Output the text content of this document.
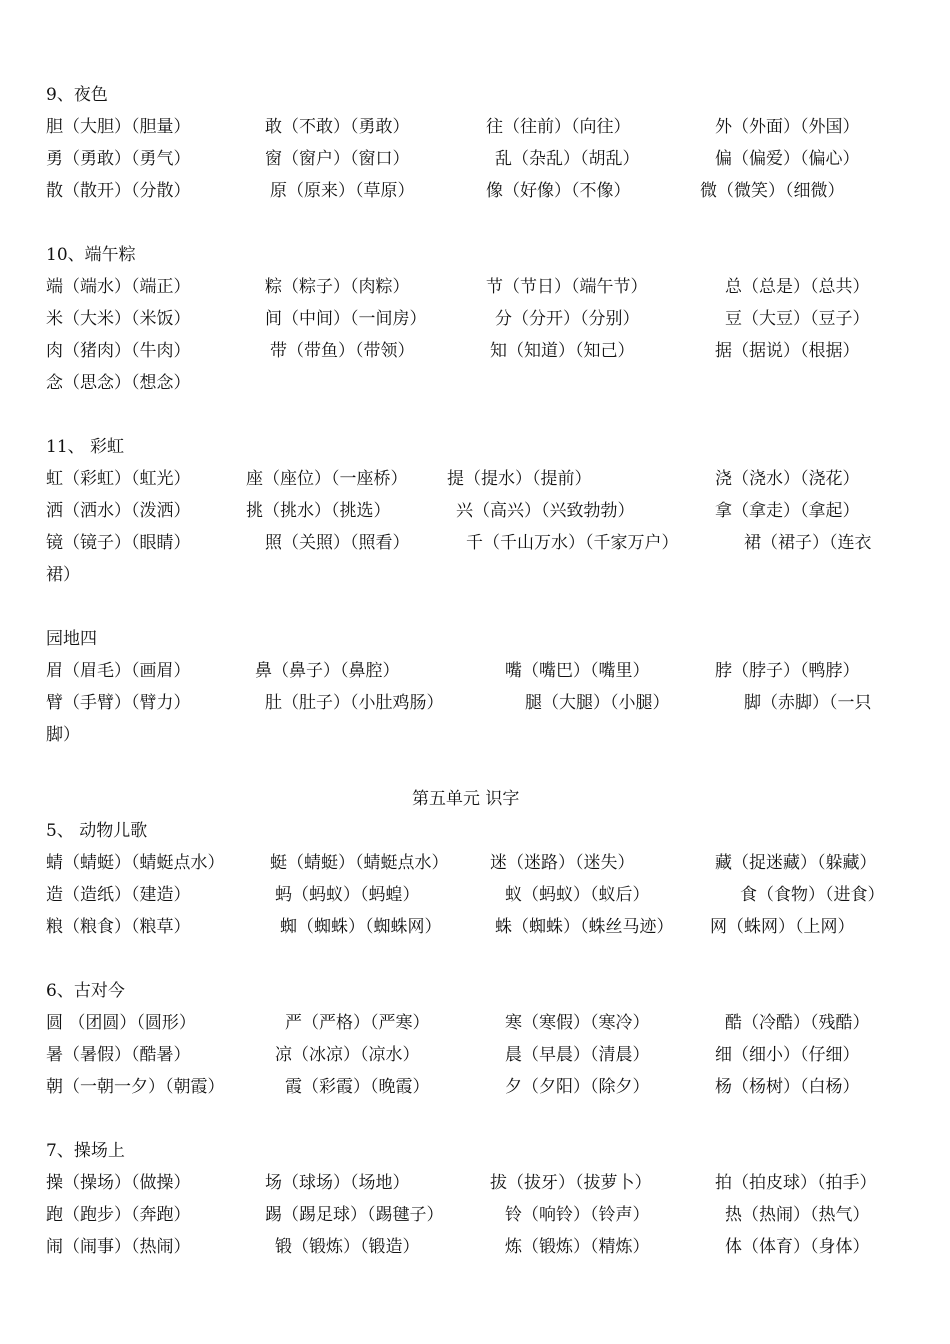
9、夜色
胆（大胆）（胆量）	敢（不敢）（勇敢）	往（往前）（向往）	外（外面）（外国）
勇（勇敢）（勇气）	窗（窗户）（窗口）	乱（杂乱）（胡乱）	偏（偏爱）（偏心）
散（散开）（分散）	原（原来）（草原）	像（好像）（不像）	微（微笑）（细微）
10、端午粽
端（端水）（端正）	粽（粽子）（肉粽）	节（节日）（端午节）	总（总是）（总共）
米（大米）（米饭）	间（中间）（一间房）	分（分开）（分别）	豆（大豆）（豆子）
肉（猪肉）（牛肉）	带（带鱼）（带领）	知（知道）（知己）	据（据说）（根据）
念（思念）（想念）
11、 彩虹
虹（彩虹）（虹光）	座（座位）（一座桥） 提（提水）（提前）	浇（浇水）（浇花）
洒（洒水）（泼洒）	挑（挑水）（挑选）	兴（高兴）（兴致勃勃）	拿（拿走）（拿起）
镜（镜子）（眼睛）	照（关照）（照看）	千（千山万水）（千家万户）	裙（裙子）（连衣
裙）
园地四
眉（眉毛）（画眉）	鼻（鼻子）（鼻腔）	嘴（嘴巴）（嘴里）	脖（脖子）（鸭脖）
臂（手臂）（臂力）	肚（肚子）（小肚鸡肠）	腿（大腿）（小腿）	脚（赤脚）（一只
脚）
第五单元 识字
5、 动物儿歌
蜻（蜻蜓）（蜻蜓点水）	蜓（蜻蜓）（蜻蜓点水） 迷（迷路）（迷失）	藏（捉迷藏）（躲藏）
造（造纸）（建造）	蚂（蚂蚁）（蚂蝗）	蚁（蚂蚁）（蚁后）	食（食物）（进食）
粮（粮食）（粮草）	蜘（蜘蛛）（蜘蛛网）	蛛（蜘蛛）（蛛丝马迹） 网（蛛网）（上网）
6、古对今
圆 （团圆）（圆形）	严（严格）（严寒）	寒（寒假）（寒冷）	酷（冷酷）（残酷）
暑（暑假）（酷暑）	凉（冰凉）（凉水）	晨（早晨）（清晨）	细（细小）（仔细）
朝（一朝一夕）（朝霞）	霞（彩霞）（晚霞）	夕（夕阳）（除夕）	杨（杨树）（白杨）
7、操场上
操（操场）（做操）	场（球场）（场地）	拔（拔牙）（拔萝卜）	拍（拍皮球）（拍手）
跑（跑步）（奔跑）	踢（踢足球）（踢毽子）	铃（响铃）（铃声）	热（热闹）（热气）
闹（闹事）（热闹）	锻（锻炼）（锻造）	炼（锻炼）（精炼）	体（体育）（身体）
